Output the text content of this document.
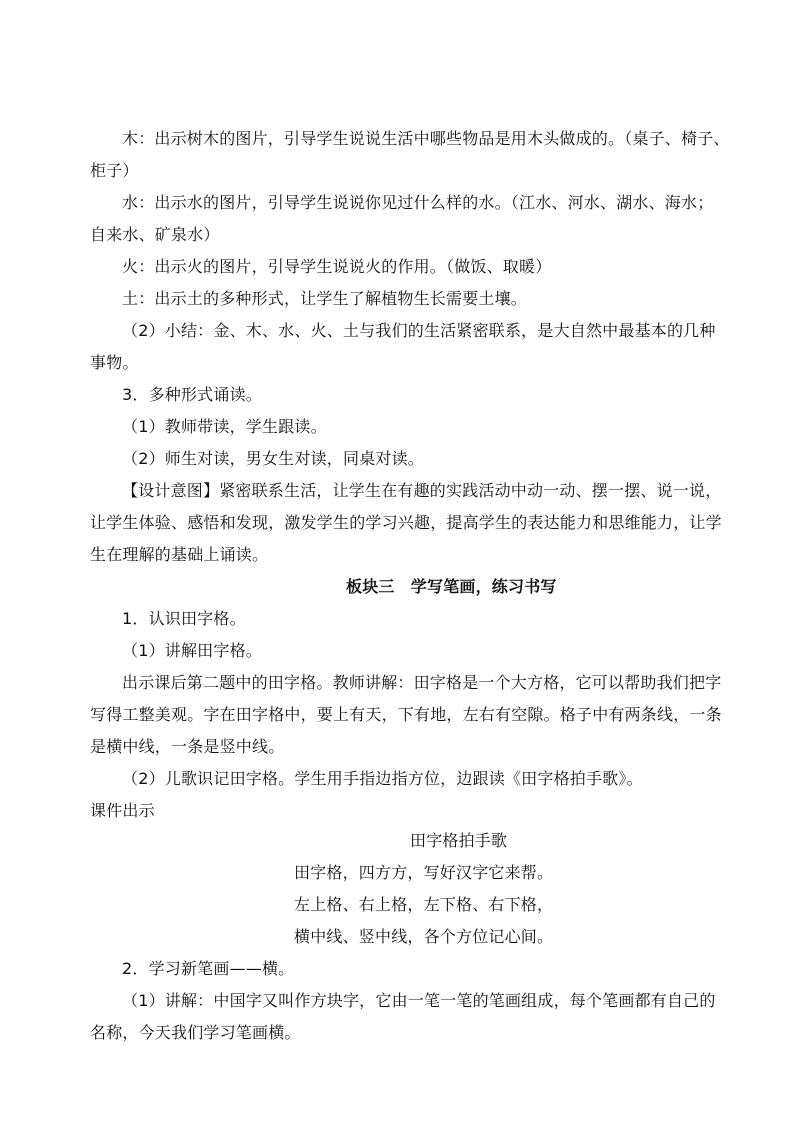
木：出示树木的图片，引导学生说说生活中哪些物品是用木头做成的。（桌子、椅子、
柜子）
水：出示水的图片，引导学生说说你见过什么样的水。（江水、河水、湖水、海水；
自来水、矿泉水）
火：出示火的图片，引导学生说说火的作用。（做饭、取暖）
土：出示土的多种形式，让学生了解植物生长需要土壤。
（2）小结：金、木、水、火、土与我们的生活紧密联系，是大自然中最基本的几种
事物。
3．多种形式诵读。
（1）教师带读，学生跟读。
（2）师生对读，男女生对读，同桌对读。
【设计意图】紧密联系生活，让学生在有趣的实践活动中动一动、摆一摆、说一说，
让学生体验、感悟和发现，激发学生的学习兴趣，提高学生的表达能力和思维能力，让学
生在理解的基础上诵读。
板块三　学写笔画，练习书写
1．认识田字格。
（1）讲解田字格。
出示课后第二题中的田字格。教师讲解：田字格是一个大方格，它可以帮助我们把字
写得工整美观。字在田字格中，要上有天，下有地，左右有空隙。格子中有两条线，一条
是横中线，一条是竖中线。
（2）儿歌识记田字格。学生用手指边指方位，边跟读《田字格拍手歌》。
课件出示
田字格拍手歌
田字格，四方方，写好汉字它来帮。
左上格、右上格，左下格、右下格，
横中线、竖中线，各个方位记心间。
2．学习新笔画——横。
（1）讲解：中国字又叫作方块字，它由一笔一笔的笔画组成，每个笔画都有自己的
名称，今天我们学习笔画横。
